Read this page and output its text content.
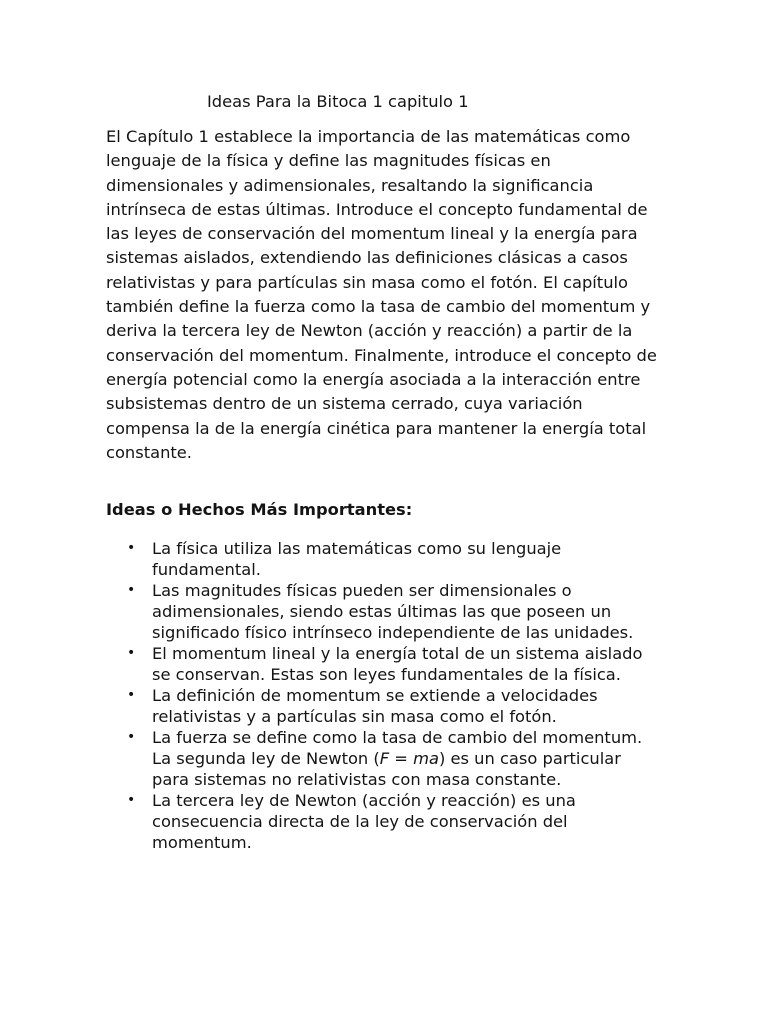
Ideas Para la Bitoca 1 capitulo 1

El Capítulo 1 establece la importancia de las matemáticas como lenguaje de la física y define las magnitudes físicas en dimensionales y adimensionales, resaltando la significancia intrínseca de estas últimas. Introduce el concepto fundamental de las leyes de conservación del momentum lineal y la energía para sistemas aislados, extendiendo las definiciones clásicas a casos relativistas y para partículas sin masa como el fotón. El capítulo también define la fuerza como la tasa de cambio del momentum y deriva la tercera ley de Newton (acción y reacción) a partir de la conservación del momentum. Finalmente, introduce el concepto de energía potencial como la energía asociada a la interacción entre subsistemas dentro de un sistema cerrado, cuya variación compensa la de la energía cinética para mantener la energía total constante.

Ideas o Hechos Más Importantes:
• La física utiliza las matemáticas como su lenguaje fundamental.
• Las magnitudes físicas pueden ser dimensionales o adimensionales, siendo estas últimas las que poseen un significado físico intrínseco independiente de las unidades.
• El momentum lineal y la energía total de un sistema aislado se conservan. Estas son leyes fundamentales de la física.
• La definición de momentum se extiende a velocidades relativistas y a partículas sin masa como el fotón.
• La fuerza se define como la tasa de cambio del momentum. La segunda ley de Newton (F = ma) es un caso particular para sistemas no relativistas con masa constante.
• La tercera ley de Newton (acción y reacción) es una consecuencia directa de la ley de conservación del momentum.
